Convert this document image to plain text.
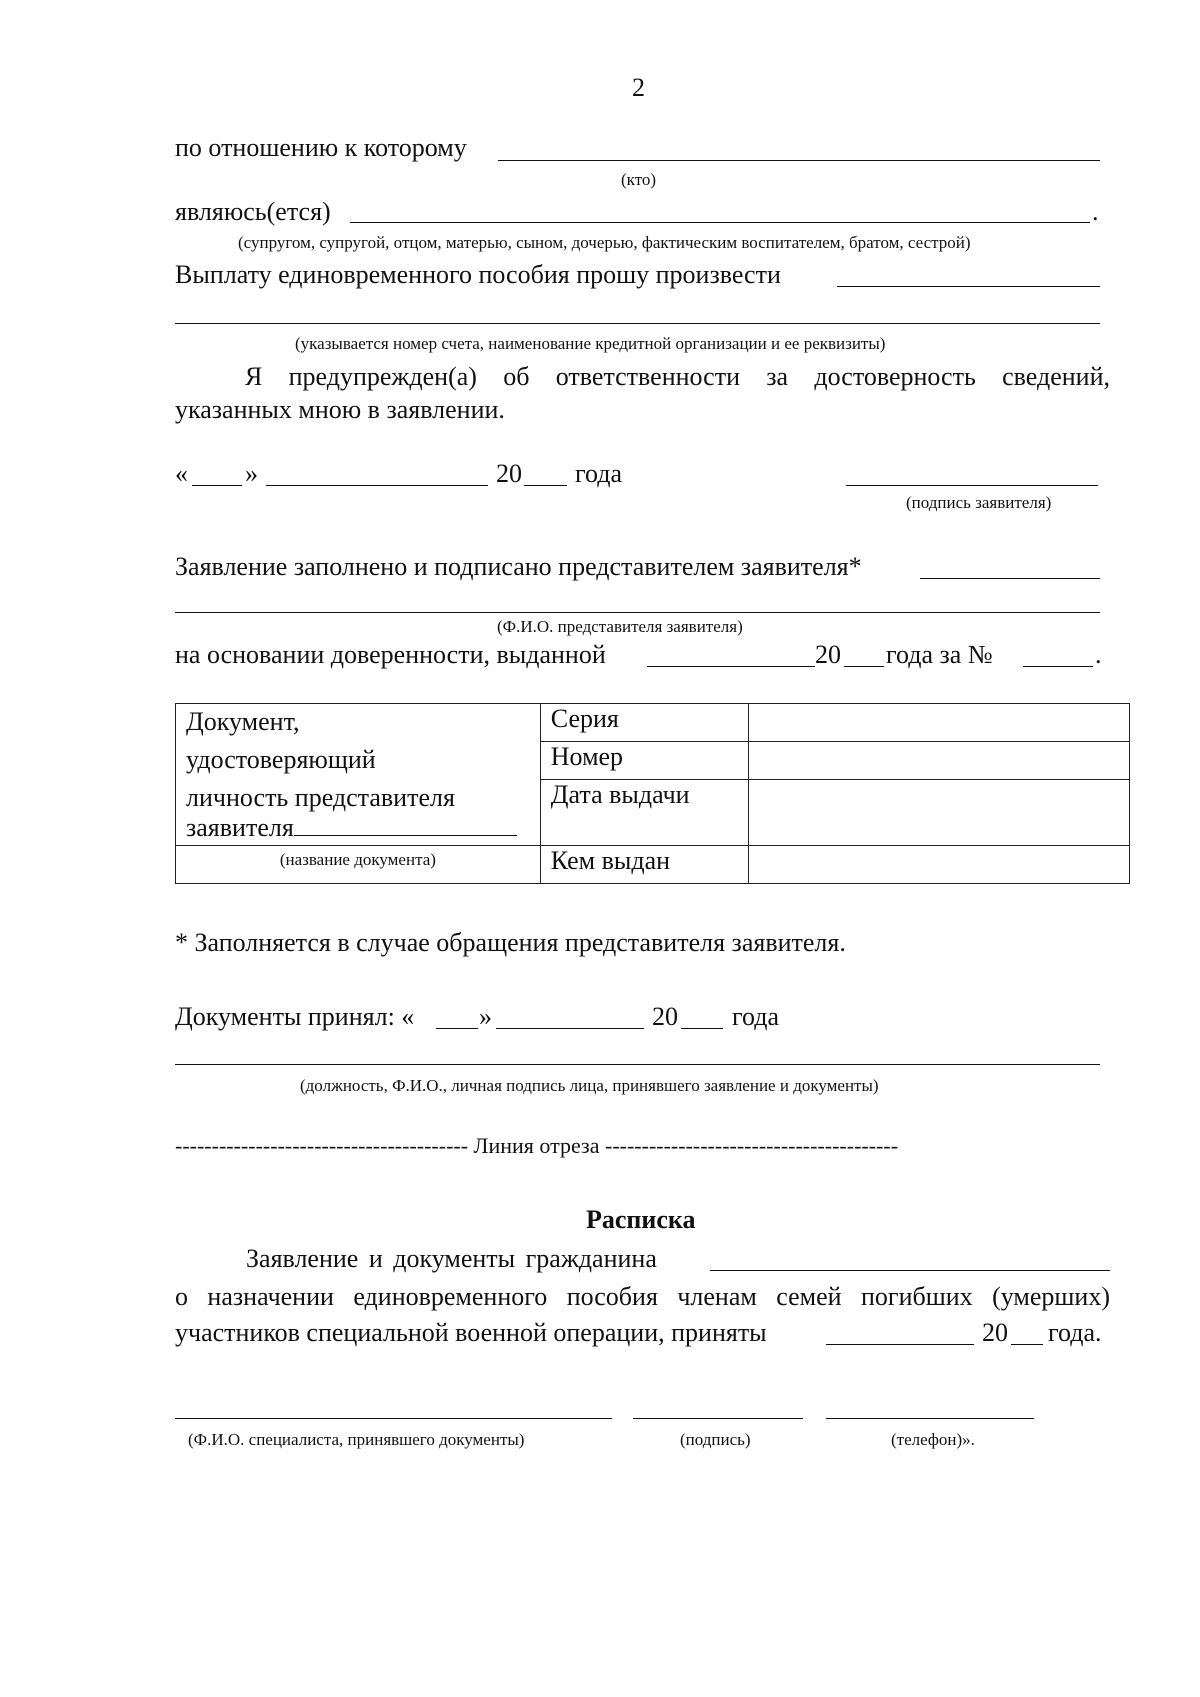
2
по отношению к которому
(кто)
являюсь(ется)	.
(супругом, супругой, отцом, матерью, сыном, дочерью, фактическим воспитателем, братом, сестрой)
Выплату единовременного пособия прошу произвести
(указывается номер счета, наименование кредитной организации и ее реквизиты)
Я предупрежден(а) об ответственности за достоверность сведений,
указанных мною в заявлении.
« »	20 года
(подпись заявителя)
Заявление заполнено и подписано представителем заявителя*
(Ф.И.О. представителя заявителя)
на основании доверенности, выданной	20 года за №	.
Документ,
удостоверяющий
личность представителя
заявителя	Серия	
	Номер	
	Дата выдачи	
(название документа)	Кем выдан	
* Заполняется в случае обращения представителя заявителя.
Документы принял: « »	20 года
(должность, Ф.И.О., личная подпись лица, принявшего заявление и документы)
---------------------------------------- Линия отреза ----------------------------------------
Расписка
Заявление и документы гражданина
о назначении единовременного пособия членам семей погибших (умерших)
участников специальной военной операции, приняты	20 года.
(Ф.И.О. специалиста, принявшего документы)	(подпись)	(телефон)».
